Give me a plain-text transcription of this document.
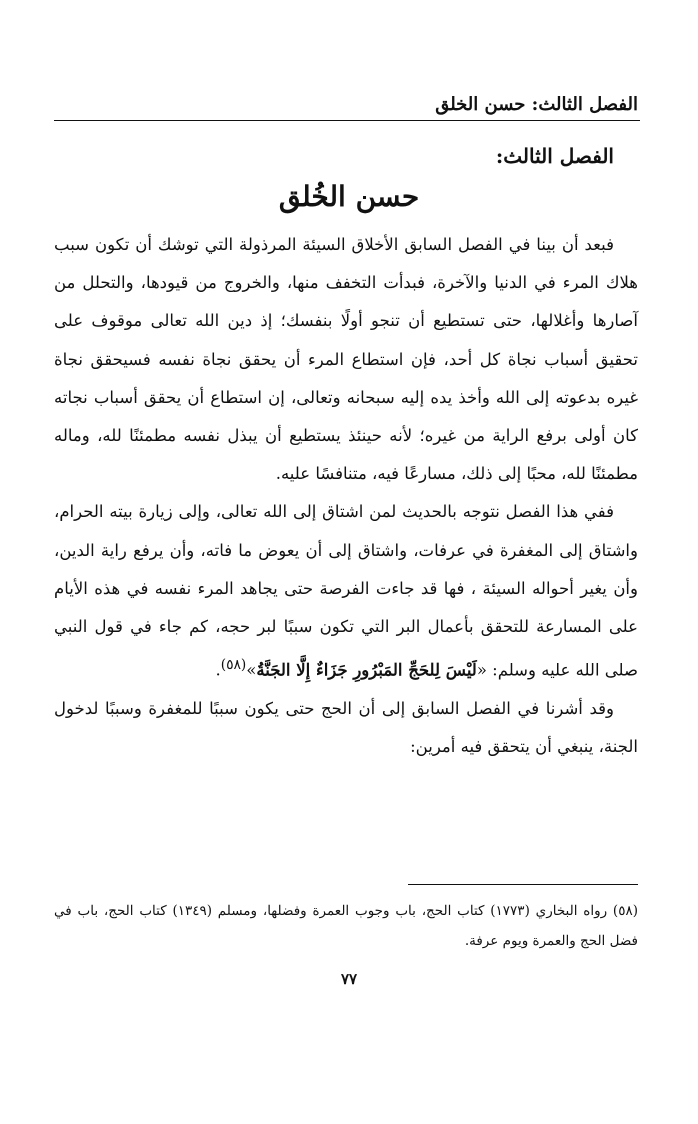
الفصل الثالث: حسن الخلق
الفصل الثالث:
حسن الخُلق

فبعد أن بينا في الفصل السابق الأخلاق السيئة المرذولة التي توشك أن تكون سبب هلاك المرء في الدنيا والآخرة، فبدأت التخفف منها، والخروج من قيودها، والتحلل من آصارها وأغلالها، حتى تستطيع أن تنجو أولًا بنفسك؛ إذ دين الله تعالى موقوف على تحقيق أسباب نجاة كل أحد، فإن استطاع المرء أن يحقق نجاة نفسه فسيحقق نجاة غيره بدعوته إلى الله وأخذ يده إليه سبحانه وتعالى، إن استطاع أن يحقق أسباب نجاته كان أولى برفع الراية من غيره؛ لأنه حينئذ يستطيع أن يبذل نفسه مطمئنًا لله، وماله مطمئنًا لله، محبًا إلى ذلك، مسارعًا فيه، متنافسًا عليه.

ففي هذا الفصل نتوجه بالحديث لمن اشتاق إلى الله تعالى، وإلى زيارة بيته الحرام، واشتاق إلى المغفرة في عرفات، واشتاق إلى أن يعوض ما فاته، وأن يرفع راية الدين، وأن يغير أحواله السيئة ، فها قد جاءت الفرصة حتى يجاهد المرء نفسه في هذه الأيام على المسارعة للتحقق بأعمال البر التي تكون سببًا لبر حجه، كم جاء في قول النبي صلى الله عليه وسلم: «لَيْسَ لِلحَجِّ المَبْرُورِ جَزَاءٌ إِلَّا الجَنَّةُ»$^{(٥٨)}$.

وقد أشرنا في الفصل السابق إلى أن الحج حتى يكون سببًا للمغفرة وسببًا لدخول الجنة، ينبغي أن يتحقق فيه أمرين:

(٥٨) رواه البخاري (١٧٧٣) كتاب الحج، باب وجوب العمرة وفضلها، ومسلم (١٣٤٩) كتاب الحج، باب في فضل الحج والعمرة ويوم عرفة.
٧٧
